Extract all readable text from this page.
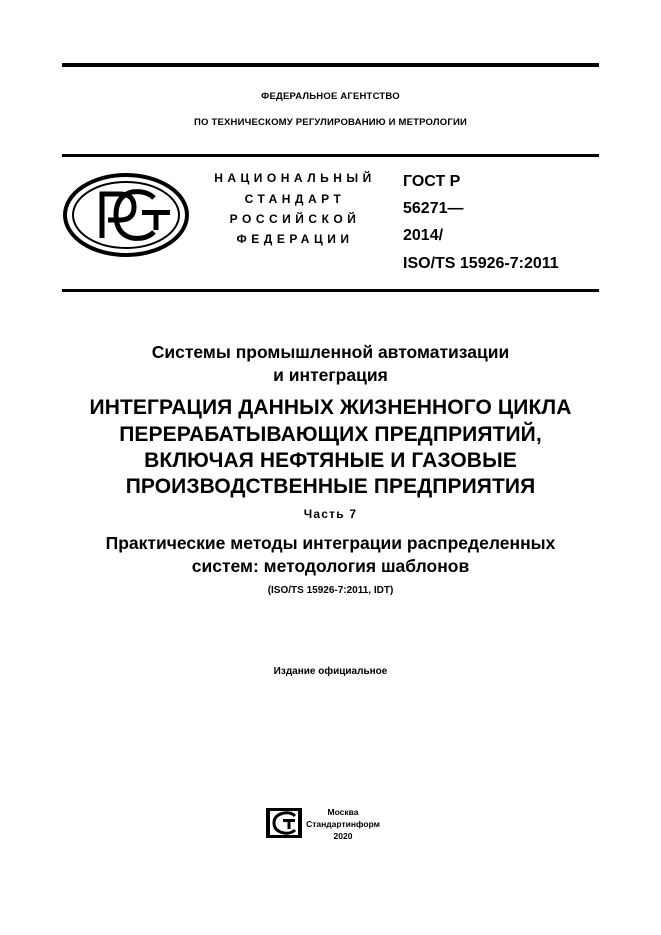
ФЕДЕРАЛЬНОЕ АГЕНТСТВО
ПО ТЕХНИЧЕСКОМУ РЕГУЛИРОВАНИЮ И МЕТРОЛОГИИ
НАЦИОНАЛЬНЫЙ
СТАНДАРТ
РОССИЙСКОЙ
ФЕДЕРАЦИИ
ГОСТ Р
56271—
2014/
ISO/TS 15926-7:2011
Системы промышленной автоматизации
и интеграция
ИНТЕГРАЦИЯ ДАННЫХ ЖИЗНЕННОГО ЦИКЛА
ПЕРЕРАБАТЫВАЮЩИХ ПРЕДПРИЯТИЙ,
ВКЛЮЧАЯ НЕФТЯНЫЕ И ГАЗОВЫЕ
ПРОИЗВОДСТВЕННЫЕ ПРЕДПРИЯТИЯ
Часть 7
Практические методы интеграции распределенных
систем: методология шаблонов
(ISO/TS 15926-7:2011, IDT)
Издание официальное
Москва
Стандартинформ
2020
